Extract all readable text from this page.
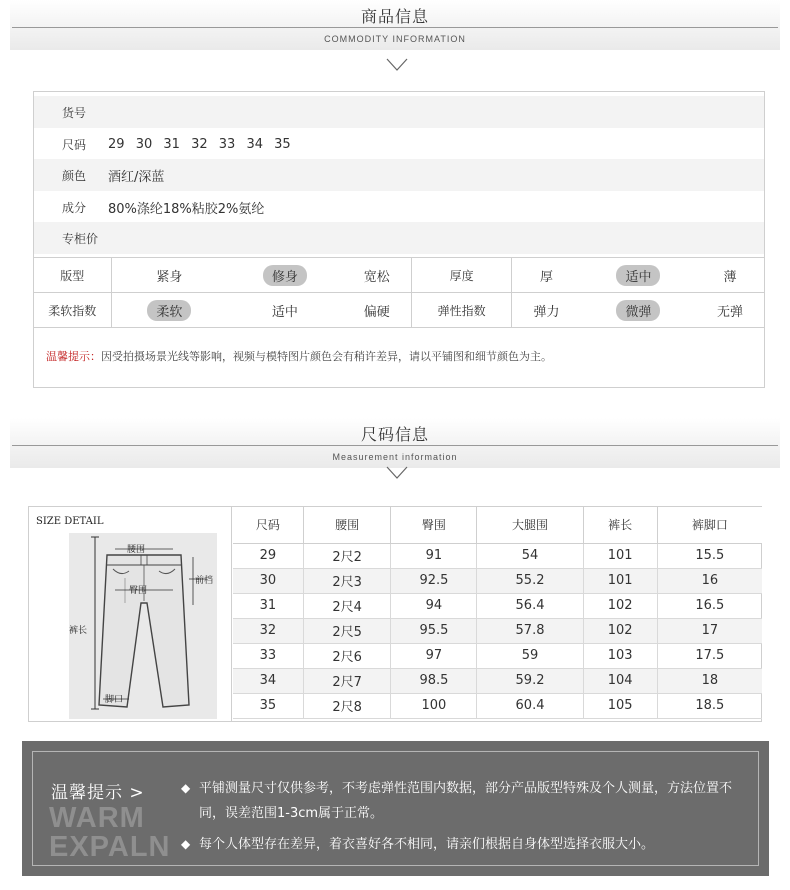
商品信息
COMMODITY INFORMATION
货号
尺码	29 30 31 32 33 34 35
颜色	酒红/深蓝
成分	80%涤纶18%粘胶2%氨纶
专柜价
版型	紧身	修身	宽松	厚度	厚	适中	薄
柔软指数	柔软	适中	偏硬	弹性指数	弹力	微弹	无弹
温馨提示：因受拍摄场景光线等影响，视频与模特图片颜色会有稍许差异，请以平铺图和细节颜色为主。
尺码信息
Measurement information
SIZE DETAIL
腰围
臀围
前档
裤长
脚口
尺码	腰围	臀围	大腿围	裤长	裤脚口
29	2尺2	91	54	101	15.5
30	2尺3	92.5	55.2	101	16
31	2尺4	94	56.4	102	16.5
32	2尺5	95.5	57.8	102	17
33	2尺6	97	59	103	17.5
34	2尺7	98.5	59.2	104	18
35	2尺8	100	60.4	105	18.5
温馨提示 >
WARM
EXPALN
◆ 平铺测量尺寸仅供参考，不考虑弹性范围内数据，部分产品版型特殊及个人测量，方法位置不同，误差范围1-3cm属于正常。
◆ 每个人体型存在差异，着衣喜好各不相同，请亲们根据自身体型选择衣服大小。
